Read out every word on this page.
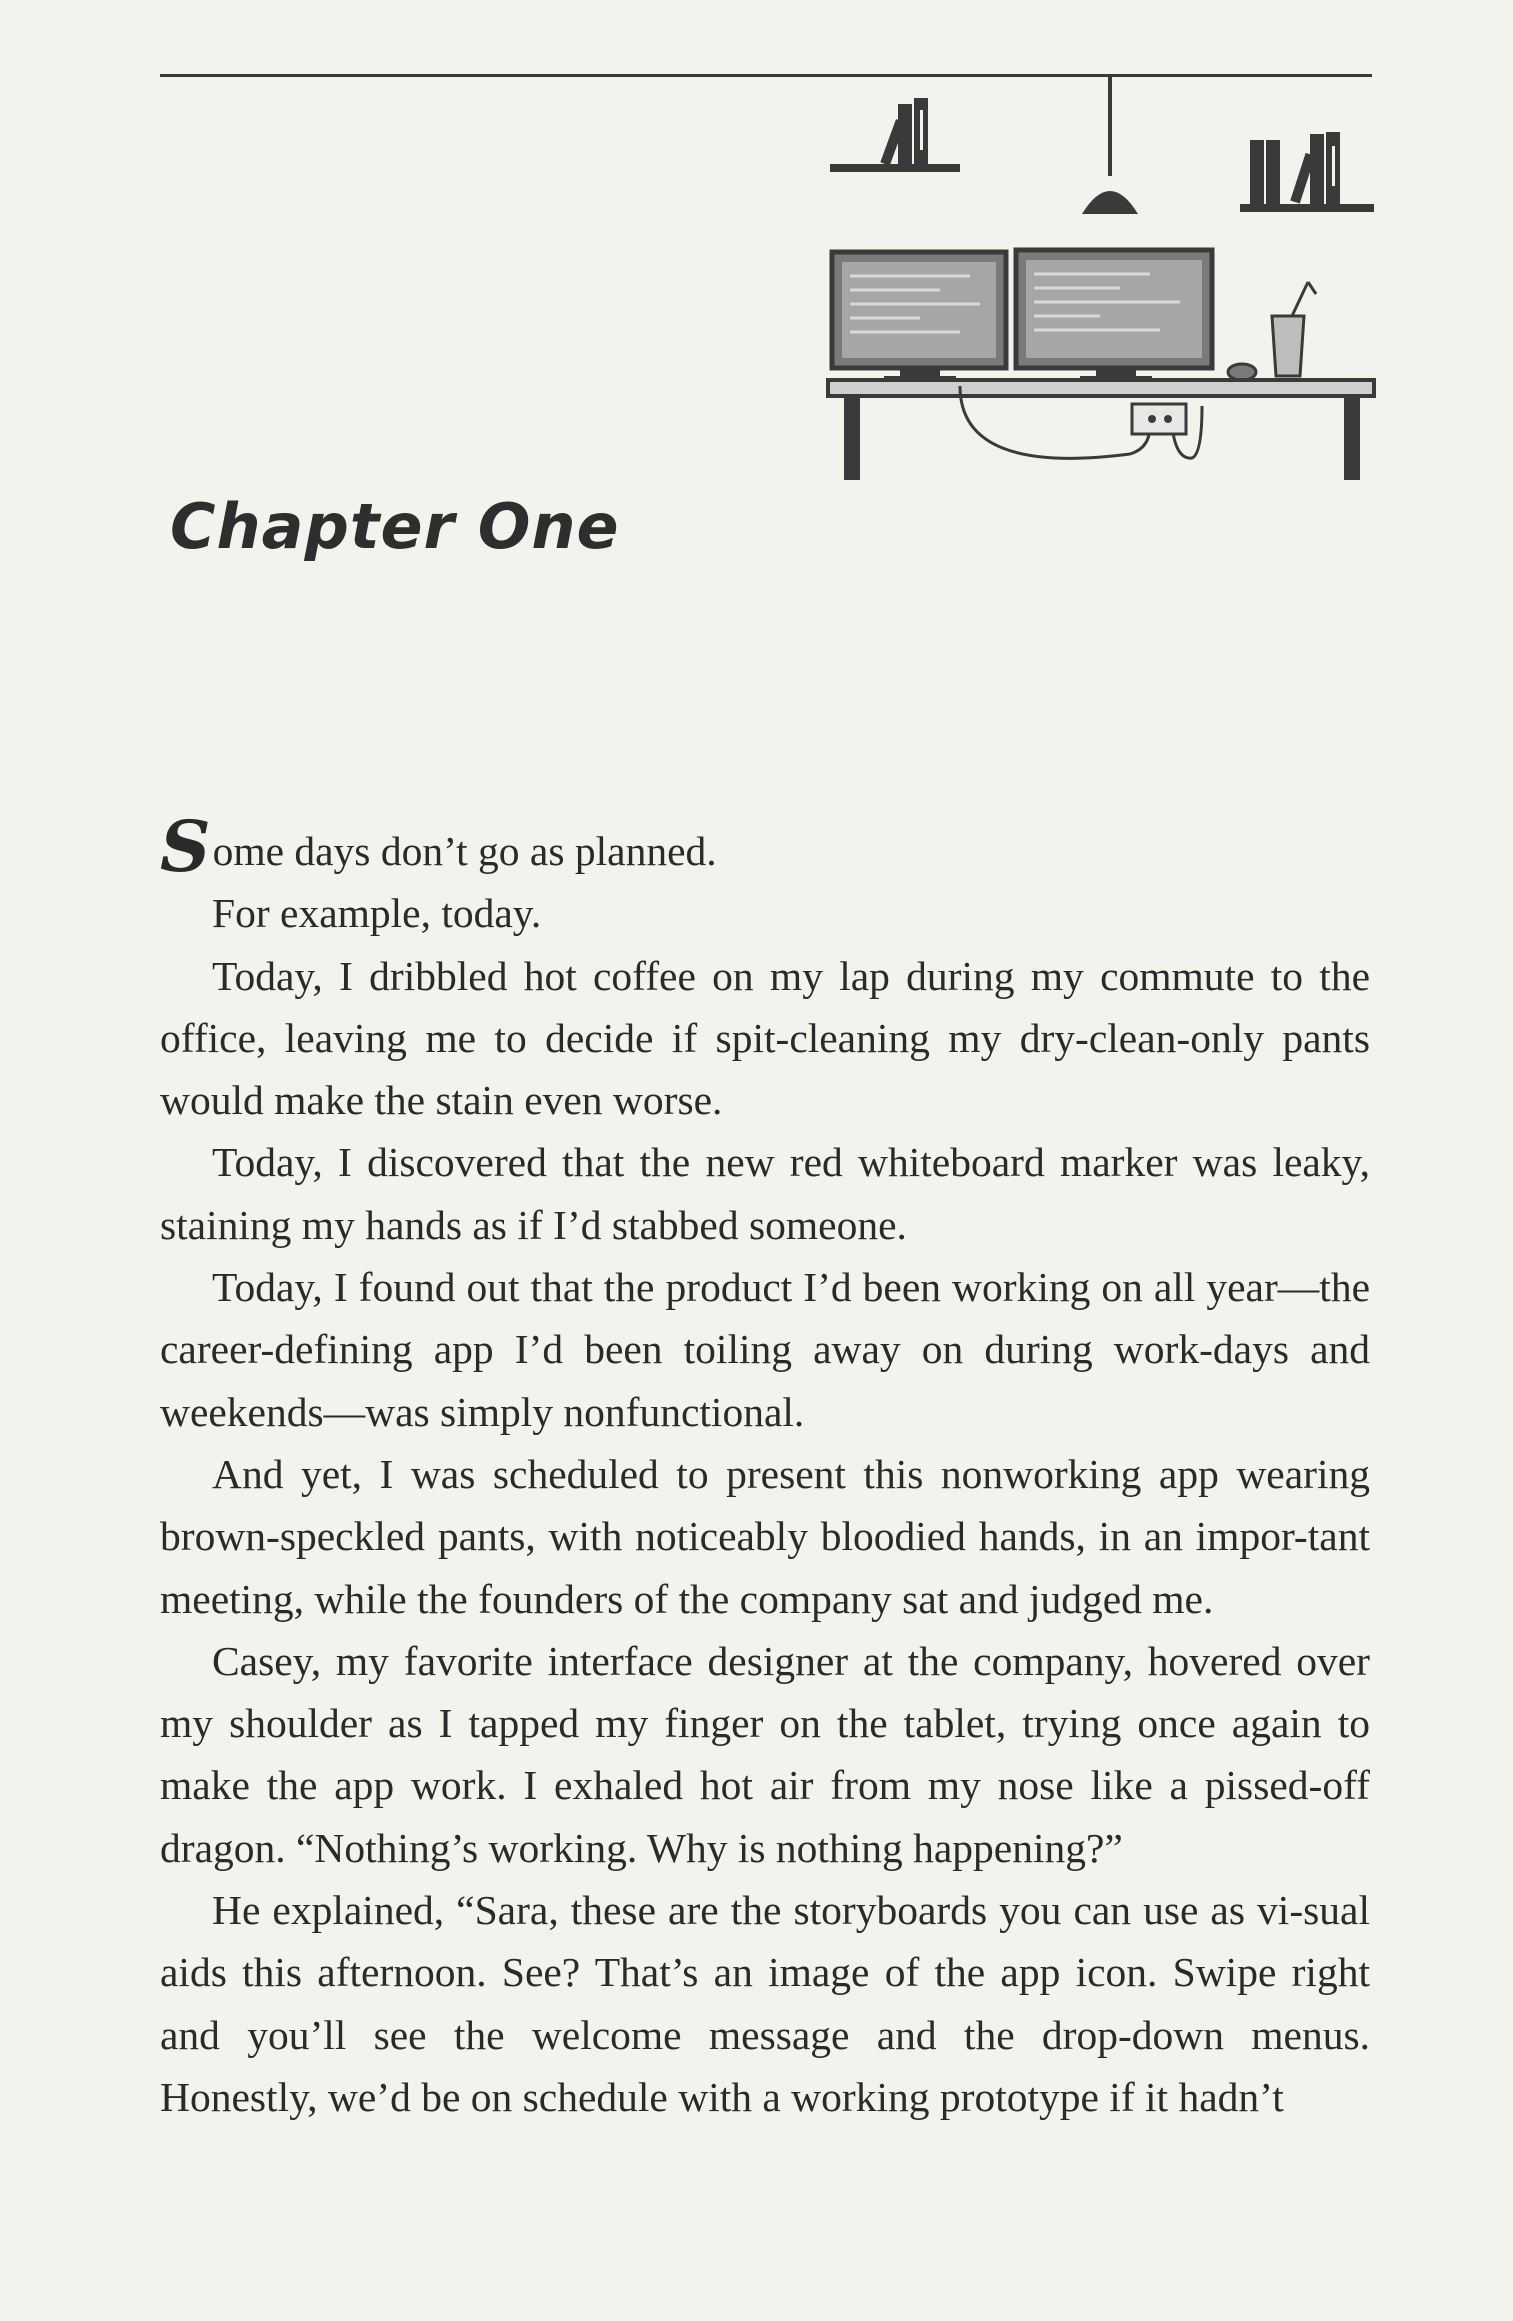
Chapter One

Some days don’t go as planned.

For example, today.

Today, I dribbled hot coffee on my lap during my commute to the office, leaving me to decide if spit-cleaning my dry-clean-only pants would make the stain even worse.

Today, I discovered that the new red whiteboard marker was leaky, staining my hands as if I’d stabbed someone.

Today, I found out that the product I’d been working on all year—the career-defining app I’d been toiling away on during work-days and weekends—was simply nonfunctional.

And yet, I was scheduled to present this nonworking app wearing brown-speckled pants, with noticeably bloodied hands, in an impor-tant meeting, while the founders of the company sat and judged me.

Casey, my favorite interface designer at the company, hovered over my shoulder as I tapped my finger on the tablet, trying once again to make the app work. I exhaled hot air from my nose like a pissed-off dragon. “Nothing’s working. Why is nothing happening?”

He explained, “Sara, these are the storyboards you can use as vi-sual aids this afternoon. See? That’s an image of the app icon. Swipe right and you’ll see the welcome message and the drop-down menus. Honestly, we’d be on schedule with a working prototype if it hadn’t
